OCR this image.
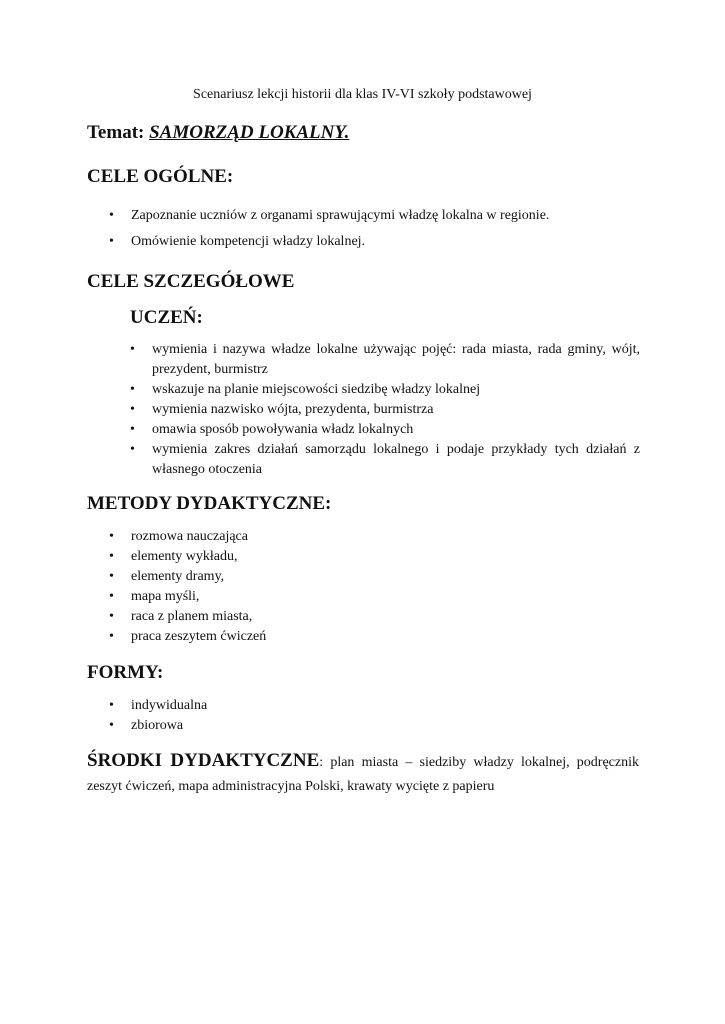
Scenariusz lekcji historii dla klas IV-VI szkoły podstawowej
Temat: SAMORZĄD LOKALNY.
CELE OGÓLNE:
• Zapoznanie uczniów z organami sprawującymi władzę lokalna w regionie.
• Omówienie kompetencji władzy lokalnej.
CELE SZCZEGÓŁOWE
UCZEŃ:
• wymienia i nazywa władze lokalne używając pojęć: rada miasta, rada gminy, wójt, prezydent, burmistrz
• wskazuje na planie miejscowości siedzibę władzy lokalnej
• wymienia nazwisko wójta, prezydenta, burmistrza
• omawia sposób powoływania władz lokalnych
• wymienia zakres działań samorządu lokalnego i podaje przykłady tych działań z własnego otoczenia
METODY DYDAKTYCZNE:
• rozmowa nauczająca
• elementy wykładu,
• elementy dramy,
• mapa myśli,
• raca z planem miasta,
• praca zeszytem ćwiczeń
FORMY:
• indywidualna
• zbiorowa
ŚRODKI DYDAKTYCZNE: plan miasta – siedziby władzy lokalnej, podręcznik zeszyt ćwiczeń, mapa administracyjna Polski, krawaty wycięte z papieru
